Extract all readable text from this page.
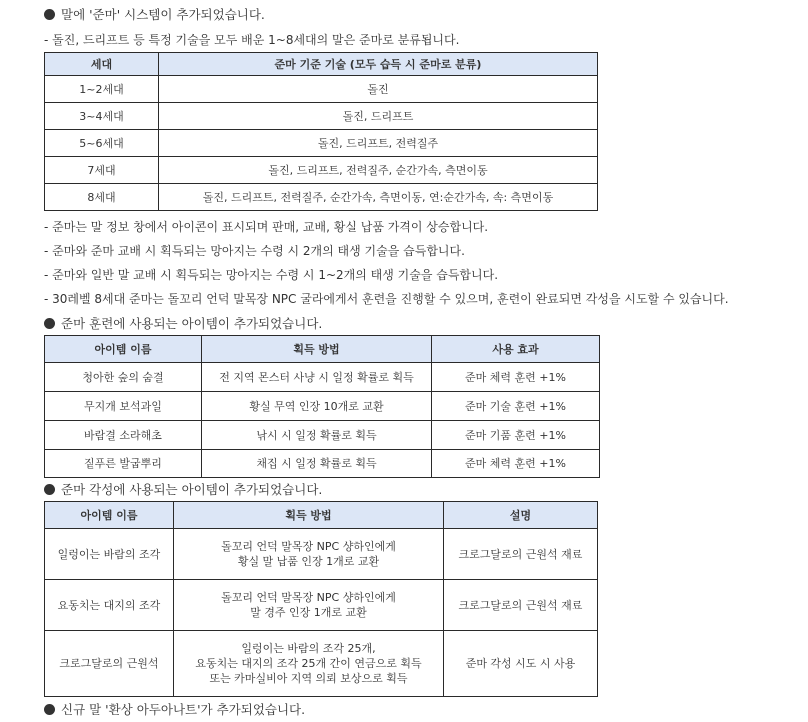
말에 '준마' 시스템이 추가되었습니다.
- 돌진, 드리프트 등 특정 기술을 모두 배운 1~8세대의 말은 준마로 분류됩니다.
세대	준마 기준 기술 (모두 습득 시 준마로 분류)
1~2세대	돌진
3~4세대	돌진, 드리프트
5~6세대	돌진, 드리프트, 전력질주
7세대	돌진, 드리프트, 전력질주, 순간가속, 측면이동
8세대	돌진, 드리프트, 전력질주, 순간가속, 측면이동, 연:순간가속, 속: 측면이동
- 준마는 말 정보 창에서 아이콘이 표시되며 판매, 교배, 황실 납품 가격이 상승합니다.
- 준마와 준마 교배 시 획득되는 망아지는 수령 시 2개의 태생 기술을 습득합니다.
- 준마와 일반 말 교배 시 획득되는 망아지는 수령 시 1~2개의 태생 기술을 습득합니다.
- 30레벨 8세대 준마는 돌꼬리 언덕 말목장 NPC 굴라에게서 훈련을 진행할 수 있으며, 훈련이 완료되면 각성을 시도할 수 있습니다.
준마 훈련에 사용되는 아이템이 추가되었습니다.
아이템 이름	획득 방법	사용 효과
청아한 숲의 숨결	전 지역 몬스터 사냥 시 일정 확률로 획득	준마 체력 훈련 +1%
무지개 보석과일	황실 무역 인장 10개로 교환	준마 기술 훈련 +1%
바람결 소라해초	낚시 시 일정 확률로 획득	준마 기품 훈련 +1%
짙푸른 발굽뿌리	채집 시 일정 확률로 획득	준마 체력 훈련 +1%
준마 각성에 사용되는 아이템이 추가되었습니다.
아이템 이름	획득 방법	설명
일렁이는 바람의 조각	돌꼬리 언덕 말목장 NPC 샹하인에게
황실 말 납품 인장 1개로 교환	크로그달로의 근원석 재료
요동치는 대지의 조각	돌꼬리 언덕 말목장 NPC 샹하인에게
말 경주 인장 1개로 교환	크로그달로의 근원석 재료
크로그달로의 근원석	일렁이는 바람의 조각 25개,
요동치는 대지의 조각 25개 간이 연금으로 획득
또는 카마실비아 지역 의뢰 보상으로 획득	준마 각성 시도 시 사용
신규 말 '환상 아두아나트'가 추가되었습니다.
